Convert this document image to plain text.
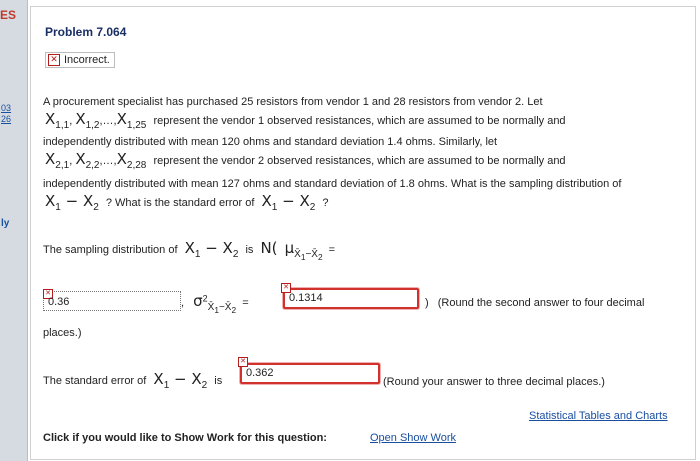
ES
03
26
ly
Problem 7.064
✕ Incorrect.
A procurement specialist has purchased 25 resistors from vendor 1 and 28 resistors from vendor 2. Let
X1,1, X1,2,…,X1,25 represent the vendor 1 observed resistances, which are assumed to be normally and
independently distributed with mean 120 ohms and standard deviation 1.4 ohms. Similarly, let
X2,1, X2,2,…,X2,28 represent the vendor 2 observed resistances, which are assumed to be normally and
independently distributed with mean 127 ohms and standard deviation of 1.8 ohms. What is the sampling distribution of
X1 − X2 ? What is the standard error of X1 − X2 ?
The sampling distribution of X1 − X2 is N( $\mu X̄_1-X̄_2$ =
✕
0.36	, $\sigma^2X̄_1-X̄_2$ =
✕
0.1314	) (Round the second answer to four decimal
places.)
The standard error of X1 − X2 is
✕
0.362
(Round your answer to three decimal places.)
Statistical Tables and Charts
Click if you would like to Show Work for this question:	Open Show Work
